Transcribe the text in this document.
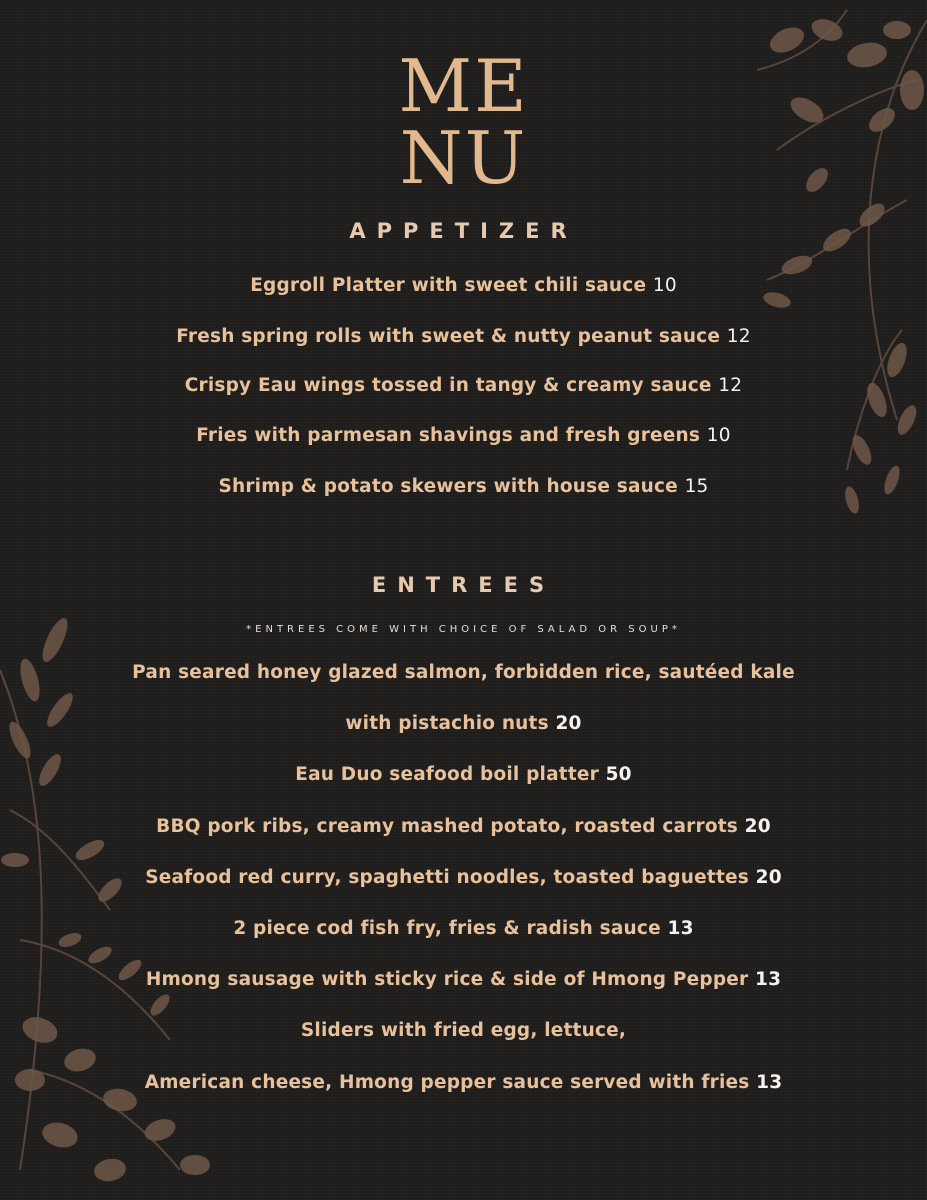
ME
NU
APPETIZER
Eggroll Platter with sweet chili sauce 10
Fresh spring rolls with sweet & nutty peanut sauce 12
Crispy Eau wings tossed in tangy & creamy sauce 12
Fries with parmesan shavings and fresh greens 10
Shrimp & potato skewers with house sauce 15
ENTREES
*ENTREES COME WITH CHOICE OF SALAD OR SOUP*
Pan seared honey glazed salmon, forbidden rice, sautéed kale
with pistachio nuts 20
Eau Duo seafood boil platter 50
BBQ pork ribs, creamy mashed potato, roasted carrots 20
Seafood red curry, spaghetti noodles, toasted baguettes 20
2 piece cod fish fry, fries & radish sauce 13
Hmong sausage with sticky rice & side of Hmong Pepper 13
Sliders with fried egg, lettuce,
American cheese, Hmong pepper sauce served with fries 13
